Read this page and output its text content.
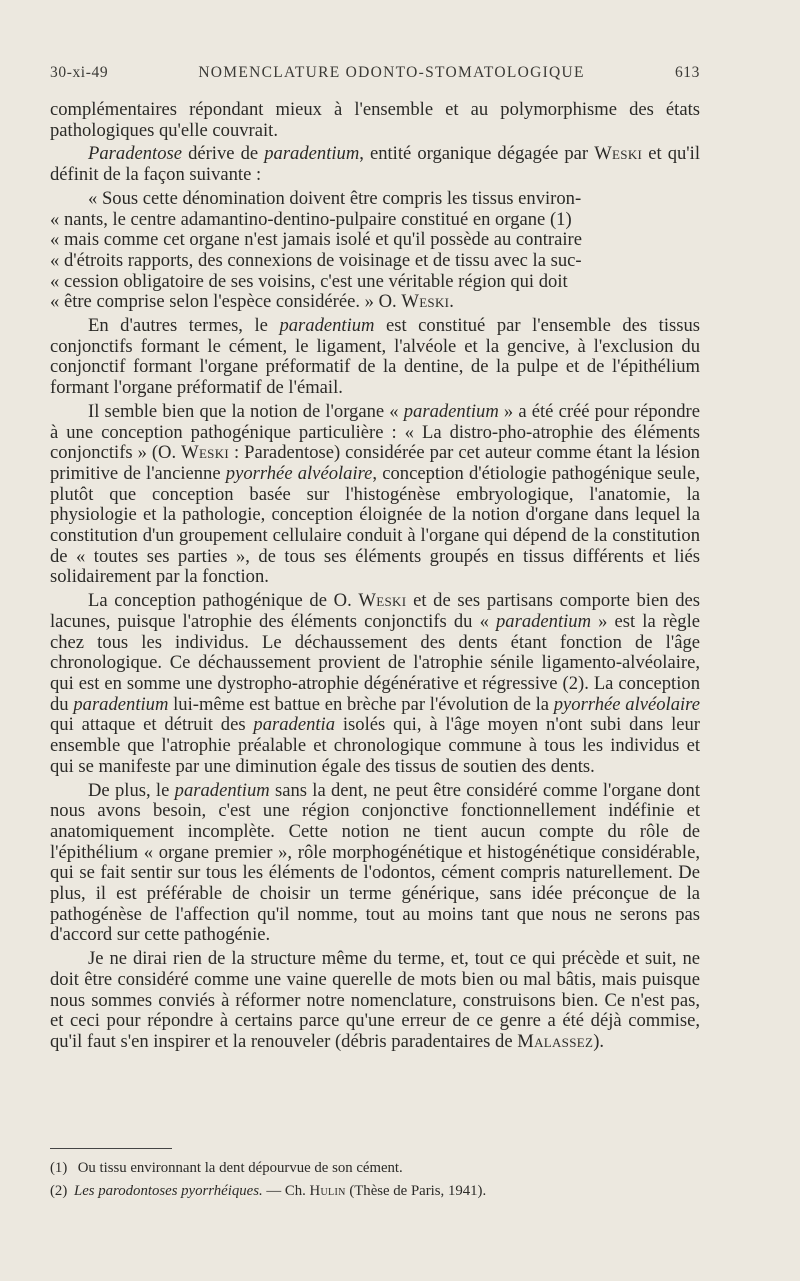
30-xi-49	NOMENCLATURE ODONTO-STOMATOLOGIQUE	613

complémentaires répondant mieux à l'ensemble et au polymorphisme des états pathologiques qu'elle couvrait.

Paradentose dérive de paradentium, entité organique dégagée par Weski et qu'il définit de la façon suivante :

« Sous cette dénomination doivent être compris les tissus environ-

« nants, le centre adamantino-dentino-pulpaire constitué en organe (1)

« mais comme cet organe n'est jamais isolé et qu'il possède au contraire

« d'étroits rapports, des connexions de voisinage et de tissu avec la suc-

« cession obligatoire de ses voisins, c'est une véritable région qui doit

« être comprise selon l'espèce considérée. » O. Weski.

En d'autres termes, le paradentium est constitué par l'ensemble des tissus conjonctifs formant le cément, le ligament, l'alvéole et la gencive, à l'exclusion du conjonctif formant l'organe préformatif de la dentine, de la pulpe et de l'épithélium formant l'organe préformatif de l'émail.

Il semble bien que la notion de l'organe « paradentium » a été créé pour répondre à une conception pathogénique particulière : « La distro-pho-atrophie des éléments conjonctifs » (O. Weski : Paradentose) considérée par cet auteur comme étant la lésion primitive de l'ancienne pyorrhée alvéolaire, conception d'étiologie pathogénique seule, plutôt que conception basée sur l'histogénèse embryologique, l'anatomie, la physiologie et la pathologie, conception éloignée de la notion d'organe dans lequel la constitution d'un groupement cellulaire conduit à l'organe qui dépend de la constitution de « toutes ses parties », de tous ses éléments groupés en tissus différents et liés solidairement par la fonction.

La conception pathogénique de O. Weski et de ses partisans comporte bien des lacunes, puisque l'atrophie des éléments conjonctifs du « paradentium » est la règle chez tous les individus. Le déchaussement des dents étant fonction de l'âge chronologique. Ce déchaussement provient de l'atrophie sénile ligamento-alvéolaire, qui est en somme une dystropho-atrophie dégénérative et régressive (2). La conception du paradentium lui-même est battue en brèche par l'évolution de la pyorrhée alvéolaire qui attaque et détruit des paradentia isolés qui, à l'âge moyen n'ont subi dans leur ensemble que l'atrophie préalable et chronologique commune à tous les individus et qui se manifeste par une diminution égale des tissus de soutien des dents.

De plus, le paradentium sans la dent, ne peut être considéré comme l'organe dont nous avons besoin, c'est une région conjonctive fonctionnellement indéfinie et anatomiquement incomplète. Cette notion ne tient aucun compte du rôle de l'épithélium « organe premier », rôle morphogénétique et histogénétique considérable, qui se fait sentir sur tous les éléments de l'odontos, cément compris naturellement. De plus, il est préférable de choisir un terme générique, sans idée préconçue de la pathogénèse de l'affection qu'il nomme, tout au moins tant que nous ne serons pas d'accord sur cette pathogénie.

Je ne dirai rien de la structure même du terme, et, tout ce qui précède et suit, ne doit être considéré comme une vaine querelle de mots bien ou mal bâtis, mais puisque nous sommes conviés à réformer notre nomenclature, construisons bien. Ce n'est pas, et ceci pour répondre à certains parce qu'une erreur de ce genre a été déjà commise, qu'il faut s'en inspirer et la renouveler (débris paradentaires de Malassez).

(1) Ou tissu environnant la dent dépourvue de son cément.

(2) Les parodontoses pyorrhéiques. — Ch. Hulin (Thèse de Paris, 1941).
